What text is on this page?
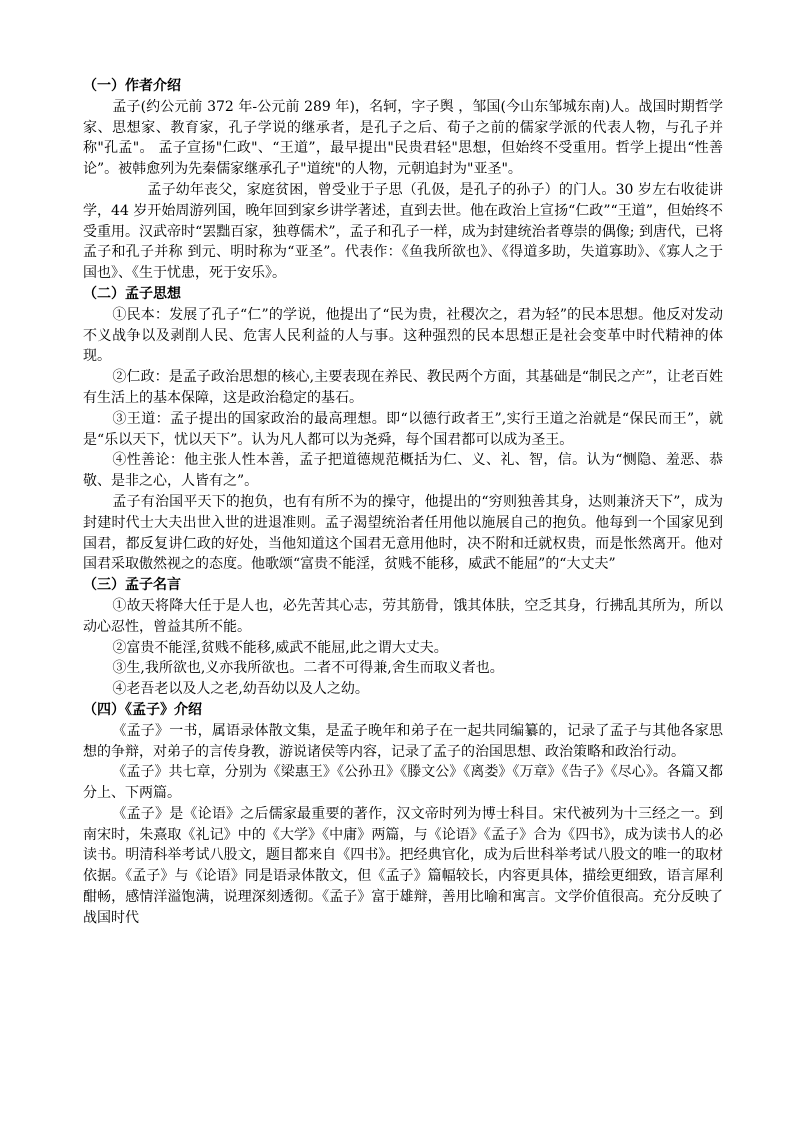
（一）作者介绍

孟子(约公元前 372 年-公元前 289 年)，名轲，字子舆 ，邹国(今山东邹城东南)人。战国时期哲学家、思想家、教育家，孔子学说的继承者，是孔子之后、荀子之前的儒家学派的代表人物，与孔子并称"孔孟"。 孟子宣扬"仁政"、“王道”，最早提出"民贵君轻"思想，但始终不受重用。哲学上提出“性善论”。被韩愈列为先秦儒家继承孔子"道统"的人物，元朝追封为"亚圣"。

孟子幼年丧父，家庭贫困，曾受业于子思（孔伋，是孔子的孙子）的门人。30 岁左右收徒讲学，44 岁开始周游列国，晚年回到家乡讲学著述，直到去世。他在政治上宣扬“仁政”“王道”，但始终不受重用。汉武帝时“罢黜百家，独尊儒术”，孟子和孔子一样，成为封建统治者尊崇的偶像; 到唐代，已将孟子和孔子并称 到元、明时称为“亚圣”。代表作：《鱼我所欲也》、《得道多助，失道寡助》、《寡人之于国也》、《生于忧患，死于安乐》。

（二）孟子思想

①民本：发展了孔子“仁”的学说，他提出了“民为贵，社稷次之，君为轻”的民本思想。他反对发动不义战争以及剥削人民、危害人民利益的人与事。这种强烈的民本思想正是社会变革中时代精神的体现。

②仁政：是孟子政治思想的核心,主要表现在养民、教民两个方面，其基础是“制民之产”，让老百姓有生活上的基本保障，这是政治稳定的基石。

③王道：孟子提出的国家政治的最高理想。即“以德行政者王”,实行王道之治就是“保民而王”，就是“乐以天下，忧以天下”。认为凡人都可以为尧舜，每个国君都可以成为圣王。

④性善论：他主张人性本善，孟子把道德规范概括为仁、义、礼、智，信。认为“恻隐、羞恶、恭敬、是非之心，人皆有之”。

孟子有治国平天下的抱负，也有有所不为的操守，他提出的“穷则独善其身，达则兼济天下”，成为封建时代士大夫出世入世的进退准则。孟子渴望统治者任用他以施展自己的抱负。他每到一个国家见到国君，都反复讲仁政的好处，当他知道这个国君无意用他时，决不附和迁就权贵，而是怅然离开。他对国君采取傲然视之的态度。他歌颂“富贵不能淫，贫贱不能移，威武不能屈”的“大丈夫”

（三）孟子名言

①故天将降大任于是人也，必先苦其心志，劳其筋骨，饿其体肤，空乏其身，行拂乱其所为，所以动心忍性，曾益其所不能。

②富贵不能淫,贫贱不能移,威武不能屈,此之谓大丈夫。

③生,我所欲也,义亦我所欲也。二者不可得兼,舍生而取义者也。

④老吾老以及人之老,幼吾幼以及人之幼。

（四）《孟子》介绍

《孟子》一书，属语录体散文集，是孟子晚年和弟子在一起共同编纂的，记录了孟子与其他各家思想的争辩，对弟子的言传身教，游说诸侯等内容，记录了孟子的治国思想、政治策略和政治行动。

《孟子》共七章，分别为《梁惠王》《公孙丑》《滕文公》《离娄》《万章》《告子》《尽心》。各篇又都分上、下两篇。

《孟子》是《论语》之后儒家最重要的著作，汉文帝时列为博士科目。宋代被列为十三经之一。到南宋时，朱熹取《礼记》中的《大学》《中庸》两篇，与《论语》《孟子》合为《四书》，成为读书人的必读书。明清科举考试八股文，题目都来自《四书》。把经典官化，成为后世科举考试八股文的唯一的取材依据。《孟子》与《论语》同是语录体散文，但《孟子》篇幅较长，内容更具体，描绘更细致，语言犀利酣畅，感情洋溢饱满，说理深刻透彻。《孟子》富于雄辩，善用比喻和寓言。文学价值很高。充分反映了战国时代
